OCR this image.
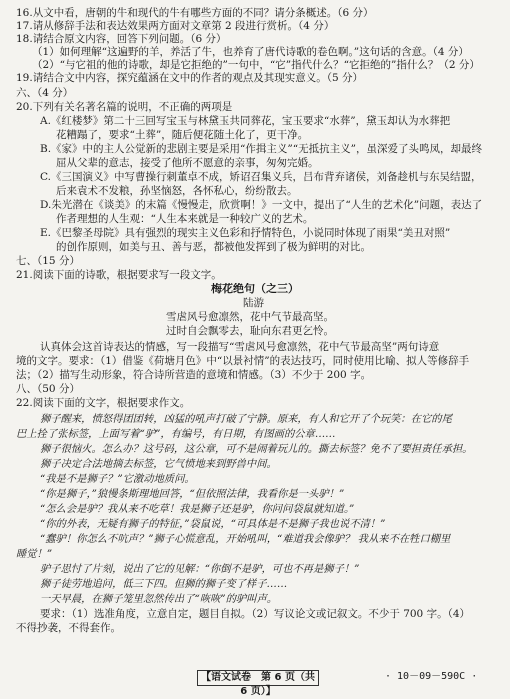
16.从文中看，唐朝的牛和现代的牛有哪些方面的不同？请分条概述。（6 分）
17.请从修辞手法和表达效果两方面对文章第 2 段进行赏析。（4 分）
18.请结合原文内容，回答下列问题。（6 分）
（1）如何理解“这遍野的羊，养活了牛，也养育了唐代诗歌的卷色啊。”这句话的含意。（4 分）
（2）“与它祖的他的诗歌，却是它拒绝的”一句中，“它”指代什么？“它拒绝的”指什么？（2 分）
19.请结合文中内容，探究蕴涵在文中的作者的观点及其现实意义。（5 分）
六、（4 分）
20.下列有关名著名篇的说明，不正确的两项是
A.《红楼梦》第二十三回写宝玉与林黛玉共同葬花，宝玉要求“水葬”，黛玉却认为水葬把
花糟蹋了，要求“土葬”，随后便花随土化了，更干净。
B.《家》中的主人公觉新的悲剧主要是采用“作揖主义”“无抵抗主义”，虽深爱了头鸣凤，却最终
屈从父辈的意志，接受了他所不愿意的亲事，匆匆完婚。
C.《三国演义》中写曹操行刺董卓不成，矫诏召集义兵，吕布背弃诸侯，刘备趁机与东吴结盟，
后来袁术不发粮，孙坚恼怒，各怀私心，纷纷散去。
D.朱光潜在《谈美》的末篇《慢慢走，欣赏啊！》一文中，提出了“人生的艺术化”问题，表达了
作者理想的人生观：“人生本来就是一种较广义的艺术。
E.《巴黎圣母院》具有强烈的现实主义色彩和抒情特色，小说同时体现了雨果“美丑对照”
的创作原则，如美与丑、善与恶，都被他发挥到了极为鲜明的对比。
七、（15 分）
21.阅读下面的诗歌，根据要求写一段文字。
梅花绝句（之三）
陆游
雪虐风号愈凛然，花中气节最高坚。
过时自会飘零去，耻向东君更乞怜。
认真体会这首诗表达的情感，写一段描写“雪虐风号愈凛然，花中气节最高坚”两句诗意
境的文字。要求：（1）借鉴《荷塘月色》中“以景衬情”的表达技巧，同时使用比喻、拟人等修辞手
法；（2）描写生动形象，符合诗所营造的意境和情感。（3）不少于 200 字。
八、（50 分）
22.阅读下面的文字，根据要求作文。
狮子醒来，愤怒得团团转，凶猛的吼声打破了宁静。原来，有人和它开了个玩笑：在它的尾
巴上拴了张标签，上面写着“驴”，有编号，有日期，有图画的公章……
狮子很恼火。怎么办？这号码，这公章，可不是闹着玩儿的。撕去标签？免不了要担责任承担。
狮子决定合法地摘去标签，它气愤地来到野兽中间。
“我是不是狮子？”它激动地质问。
“你是狮子，”狼慢条斯理地回答，“但依照法律，我看你是一头驴！”
“怎么会是驴？我从来不吃草！我是狮子还是驴，你问问袋鼠就知道。”
“你的外表，无疑有狮子的特征，”袋鼠说，“可具体是不是狮子我也说不清！”
“蠢驴！你怎么不吭声？”狮子心慌意乱，开始吼叫，“难道我会像驴？ 我从来不在牲口棚里
睡觉！”
驴子思忖了片刻，说出了它的见解：“你倒不是驴，可也不再是狮子！”
狮子徒劳地追问，低三下四。但狮的狮子变了样子……
一天早晨，在狮子笼里忽然传出了“咴咴”的驴叫声。
要求：（1）选准角度，立意自定，题目自拟。（2）写议论文或记叙文。不少于 700 字。（4）
不得抄袭，不得套作。
【语文试卷　第 6 页（共 6 页）】
· 10－09－590C ·
